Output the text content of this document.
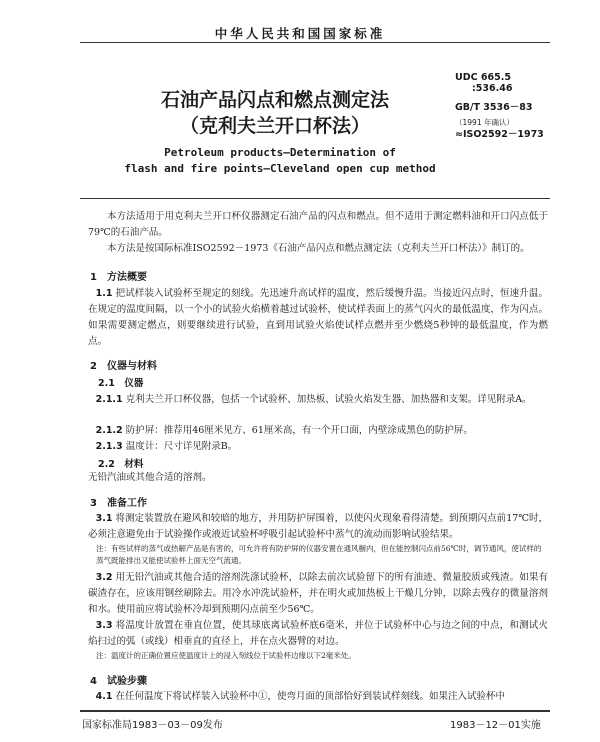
中华人民共和国国家标准
石油产品闪点和燃点测定法
（克利夫兰开口杯法）
UDC 665.5
:536.46
GB/T 3536－83
（1991 年确认）
≈ISO2592－1973
Petroleum products—Determination of
flash and fire points—Cleveland open cup method
本方法适用于用克利夫兰开口杯仪器测定石油产品的闪点和燃点。但不适用于测定燃料油和开口闪点低于79℃的石油产品。
本方法是按国际标准ISO2592－1973《石油产品闪点和燃点测定法（克利夫兰开口杯法）》制订的。
1　方法概要
1.1 把试样装入试验杯至规定的刻线。先迅速升高试样的温度，然后缓慢升温。当接近闪点时，恒速升温。在规定的温度间隔，以一个小的试验火焰横着越过试验杯，使试样表面上的蒸气闪火的最低温度，作为闪点。如果需要测定燃点，则要继续进行试验，直到用试验火焰使试样点燃并至少燃烧5秒钟的最低温度，作为燃点。
2　仪器与材料
2.1　仪器
2.1.1 克利夫兰开口杯仪器，包括一个试验杯、加热板、试验火焰发生器、加热器和支架。详见附录A。
2.1.2 防护屏：推荐用46厘米见方、61厘米高，有一个开口面，内壁涂成黑色的防护屏。
2.1.3 温度计：尺寸详见附录B。
2.2　材料
无铅汽油或其他合适的溶剂。
3　准备工作
3.1 将测定装置放在避风和较暗的地方，并用防护屏围着，以使闪火现象看得清楚。到预期闪点前17℃时，必须注意避免由于试验操作或液近试验杯呼吸引起试验杯中蒸气的流动而影响试验结果。
注：有些试样的蒸气或热解产品是有害的，可允许将有防护屏的仪器安置在通风橱内，但在能控制闪点前56℃时，调节通风，使试样的蒸气既能排出又能使试验杯上面无空气流通。
3.2 用无铅汽油或其他合适的溶剂洗涤试验杯，以除去前次试验留下的所有油迹、微量胶质或残渣。如果有碳渣存在，应该用钢丝刷除去。用冷水冲洗试验杯，并在明火或加热板上干燥几分钟，以除去残存的微量溶剂和水。使用前应将试验杯冷却到预期闪点前至少56℃。
3.3 将温度计放置在垂直位置，使其球底离试验杯底6毫米，并位于试验杯中心与边之间的中点，和测试火焰扫过的弧（或线）相垂直的直径上，并在点火器臂的对边。
注：温度计的正确位置应使温度计上的浸入刻线位于试验杯边缘以下2毫米处。
4　试验步骤
4.1 在任何温度下将试样装入试验杯中①，使弯月面的顶部恰好到装试样刻线。如果注入试验杯中
国家标准局1983－03－09发布	1983－12－01实施
